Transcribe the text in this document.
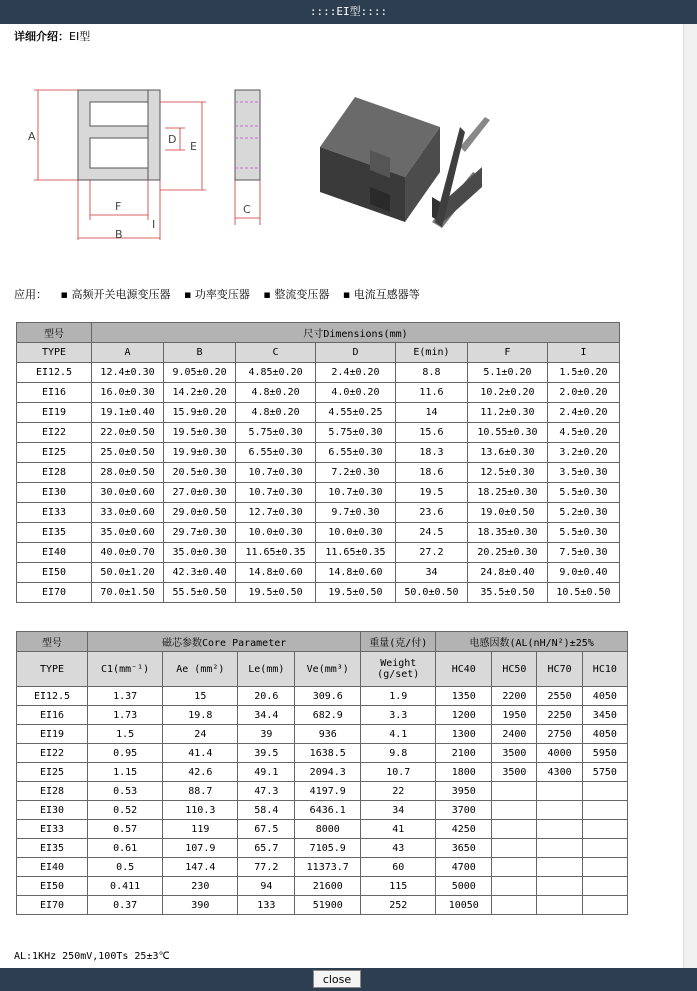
::::EI型::::
详细介绍：EI型
A	D
E
F
I
B
C
应用： ▪ 高频开关电源变压器 ▪ 功率变压器 ▪ 整流变压器 ▪ 电流互感器等
型号	尺寸Dimensions(mm)						
TYPE	A	B	C	D	E(min)	F	I
EI12.5	12.4±0.30	9.05±0.20	4.85±0.20	2.4±0.20	8.8	5.1±0.20	1.5±0.20
EI16	16.0±0.30	14.2±0.20	4.8±0.20	4.0±0.20	11.6	10.2±0.20	2.0±0.20
EI19	19.1±0.40	15.9±0.20	4.8±0.20	4.55±0.25	14	11.2±0.30	2.4±0.20
EI22	22.0±0.50	19.5±0.30	5.75±0.30	5.75±0.30	15.6	10.55±0.30	4.5±0.20
EI25	25.0±0.50	19.9±0.30	6.55±0.30	6.55±0.30	18.3	13.6±0.30	3.2±0.20
EI28	28.0±0.50	20.5±0.30	10.7±0.30	7.2±0.30	18.6	12.5±0.30	3.5±0.30
EI30	30.0±0.60	27.0±0.30	10.7±0.30	10.7±0.30	19.5	18.25±0.30	5.5±0.30
EI33	33.0±0.60	29.0±0.50	12.7±0.30	9.7±0.30	23.6	19.0±0.50	5.2±0.30
EI35	35.0±0.60	29.7±0.30	10.0±0.30	10.0±0.30	24.5	18.35±0.30	5.5±0.30
EI40	40.0±0.70	35.0±0.30	11.65±0.35	11.65±0.35	27.2	20.25±0.30	7.5±0.30
EI50	50.0±1.20	42.3±0.40	14.8±0.60	14.8±0.60	34	24.8±0.40	9.0±0.40
EI70	70.0±1.50	55.5±0.50	19.5±0.50	19.5±0.50	50.0±0.50	35.5±0.50	10.5±0.50
型号	磁芯参数Core Parameter				重量(克/付)	电感因数(AL(nH/N²)±25%			
TYPE	C1(mm⁻¹)	Ae (mm²)	Le(mm)	Ve(mm³)	Weight (g/set)	HC40	HC50	HC70	HC10
EI12.5	1.37	15	20.6	309.6	1.9	1350	2200	2550	4050
EI16	1.73	19.8	34.4	682.9	3.3	1200	1950	2250	3450
EI19	1.5	24	39	936	4.1	1300	2400	2750	4050
EI22	0.95	41.4	39.5	1638.5	9.8	2100	3500	4000	5950
EI25	1.15	42.6	49.1	2094.3	10.7	1800	3500	4300	5750
EI28	0.53	88.7	47.3	4197.9	22	3950			
EI30	0.52	110.3	58.4	6436.1	34	3700			
EI33	0.57	119	67.5	8000	41	4250			
EI35	0.61	107.9	65.7	7105.9	43	3650			
EI40	0.5	147.4	77.2	11373.7	60	4700			
EI50	0.411	230	94	21600	115	5000			
EI70	0.37	390	133	51900	252	10050			
AL:1KHz 250mV,100Ts 25±3℃
close
